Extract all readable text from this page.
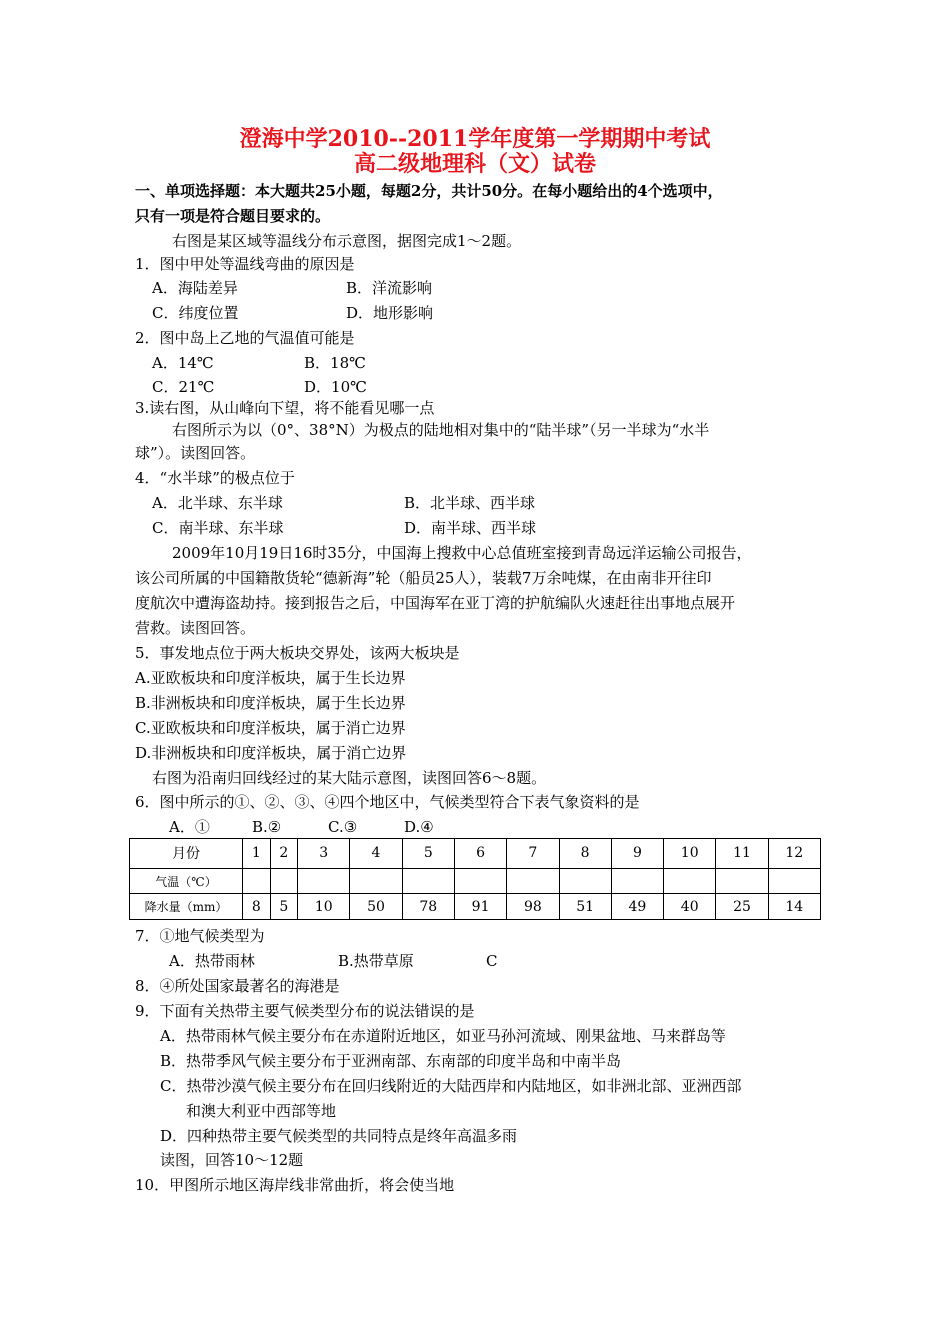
澄海中学2010--2011学年度第一学期期中考试
高二级地理科（文）试卷
一、单项选择题：本大题共25小题，每题2分，共计50分。在每小题给出的4个选项中，
只有一项是符合题目要求的。
右图是某区域等温线分布示意图，据图完成1～2题。
1．图中甲处等温线弯曲的原因是
A．海陆差异	B．洋流影响
C．纬度位置	D．地形影响
2．图中岛上乙地的气温值可能是
A．14℃	B．18℃
C．21℃	D．10℃
3.读右图，从山峰向下望，将不能看见哪一点
右图所示为以（0°、38°N）为极点的陆地相对集中的“陆半球”（另一半球为“水半
球”）。读图回答。
4．“水半球”的极点位于
A．北半球、东半球	B．北半球、西半球
C．南半球、东半球	D．南半球、西半球
2009年10月19日16时35分，中国海上搜救中心总值班室接到青岛远洋运输公司报告，
该公司所属的中国籍散货轮“德新海”轮（船员25人），装载7万余吨煤，在由南非开往印
度航次中遭海盗劫持。接到报告之后，中国海军在亚丁湾的护航编队火速赶往出事地点展开
营救。读图回答。
5．事发地点位于两大板块交界处，该两大板块是
A.亚欧板块和印度洋板块，属于生长边界
B.非洲板块和印度洋板块，属于生长边界
C.亚欧板块和印度洋板块，属于消亡边界
D.非洲板块和印度洋板块，属于消亡边界
右图为沿南归回线经过的某大陆示意图，读图回答6～8题。
6．图中所示的①、②、③、④四个地区中，气候类型符合下表气象资料的是
A．①	B.②	C.③	D.④
月份	1	2	3	4	5	6	7	8	9	10	11	12
气温（℃）												
降水量（mm）	8	5	10	50	78	91	98	51	49	40	25	14
7．①地气候类型为
A．热带雨林	B.热带草原	C
8．④所处国家最著名的海港是
9．下面有关热带主要气候类型分布的说法错误的是
A．热带雨林气候主要分布在赤道附近地区，如亚马孙河流域、刚果盆地、马来群岛等
B．热带季风气候主要分布于亚洲南部、东南部的印度半岛和中南半岛
C．热带沙漠气候主要分布在回归线附近的大陆西岸和内陆地区，如非洲北部、亚洲西部
和澳大利亚中西部等地
D．四种热带主要气候类型的共同特点是终年高温多雨
读图，回答10～12题
10．甲图所示地区海岸线非常曲折，将会使当地
